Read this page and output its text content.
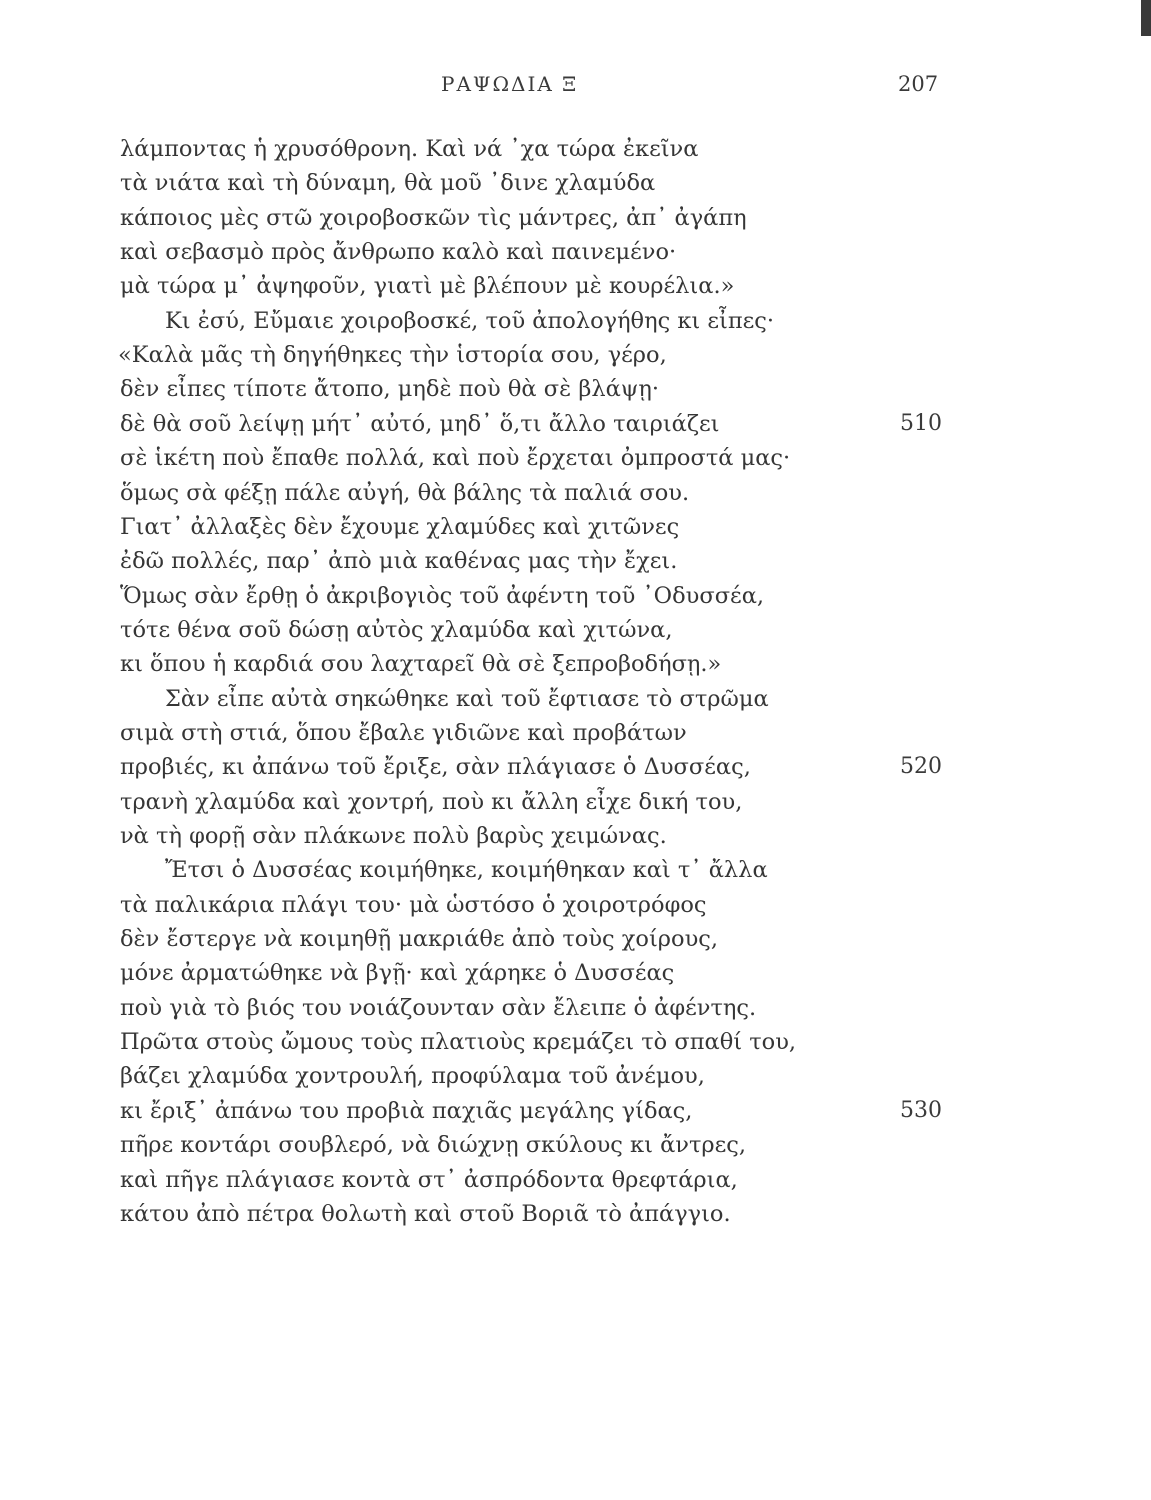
ΡΑΨΩΔΙΑ Ξ	207
λάμποντας ἡ χρυσόθρονη. Καὶ νά ᾽χα τώρα ἐκεῖνα
τὰ νιάτα καὶ τὴ δύναμη, θὰ μοῦ ᾽δινε χλαμύδα
κάποιος μὲς στῶ χοιροβοσκῶν τὶς μάντρες, ἀπ᾽ ἀγάπη
καὶ σεβασμὸ πρὸς ἄνθρωπο καλὸ καὶ παινεμένο·
μὰ τώρα μ᾽ ἀψηφοῦν, γιατὶ μὲ βλέπουν μὲ κουρέλια.»
Κι ἐσύ, Εὔμαιε χοιροβοσκέ, τοῦ ἀπολογήθης κι εἶπες·
«Καλὰ μᾶς τὴ δηγήθηκες τὴν ἱστορία σου, γέρο,
δὲν εἶπες τίποτε ἄτοπο, μηδὲ ποὺ θὰ σὲ βλάψῃ·
δὲ θὰ σοῦ λείψῃ μήτ᾽ αὐτό, μηδ᾽ ὅ,τι ἄλλο ταιριάζει	510
σὲ ἱκέτη ποὺ ἔπαθε πολλά, καὶ ποὺ ἔρχεται ὀμπροστά μας·
ὅμως σὰ φέξῃ πάλε αὐγή, θὰ βάλης τὰ παλιά σου.
Γιατ᾽ ἀλλαξὲς δὲν ἔχουμε χλαμύδες καὶ χιτῶνες
ἐδῶ πολλές, παρ᾽ ἀπὸ μιὰ καθένας μας τὴν ἔχει.
Ὅμως σὰν ἔρθῃ ὁ ἀκριβογιὸς τοῦ ἀφέντη τοῦ ᾽Οδυσσέα,
τότε θένα σοῦ δώσῃ αὐτὸς χλαμύδα καὶ χιτώνα,
κι ὅπου ἡ καρδιά σου λαχταρεῖ θὰ σὲ ξεπροβοδήσῃ.»
Σὰν εἶπε αὐτὰ σηκώθηκε καὶ τοῦ ἔφτιασε τὸ στρῶμα
σιμὰ στὴ στιά, ὅπου ἔβαλε γιδιῶνε καὶ προβάτων
προβιές, κι ἀπάνω τοῦ ἔριξε, σὰν πλάγιασε ὁ Δυσσέας,	520
τρανὴ χλαμύδα καὶ χοντρή, ποὺ κι ἄλλη εἶχε δική του,
νὰ τὴ φορῇ σὰν πλάκωνε πολὺ βαρὺς χειμώνας.
Ἔτσι ὁ Δυσσέας κοιμήθηκε, κοιμήθηκαν καὶ τ᾽ ἄλλα
τὰ παλικάρια πλάγι του· μὰ ὡστόσο ὁ χοιροτρόφος
δὲν ἔστεργε νὰ κοιμηθῇ μακριάθε ἀπὸ τοὺς χοίρους,
μόνε ἀρματώθηκε νὰ βγῇ· καὶ χάρηκε ὁ Δυσσέας
ποὺ γιὰ τὸ βιός του νοιάζουνταν σὰν ἔλειπε ὁ ἀφέντης.
Πρῶτα στοὺς ὤμους τοὺς πλατιοὺς κρεμάζει τὸ σπαθί του,
βάζει χλαμύδα χοντρουλή, προφύλαμα τοῦ ἀνέμου,
κι ἔριξ᾽ ἀπάνω του προβιὰ παχιᾶς μεγάλης γίδας,	530
πῆρε κοντάρι σουβλερό, νὰ διώχνῃ σκύλους κι ἄντρες,
καὶ πῆγε πλάγιασε κοντὰ στ᾽ ἀσπρόδοντα θρεφτάρια,
κάτου ἀπὸ πέτρα θολωτὴ καὶ στοῦ Βοριᾶ τὸ ἀπάγγιο.
